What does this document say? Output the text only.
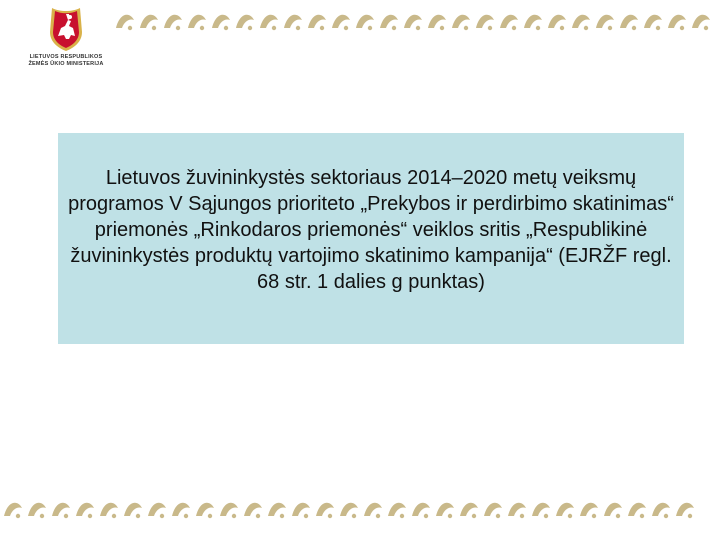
LIETUVOS RESPUBLIKOS
ŽEMĖS ŪKIO MINISTERIJA

Lietuvos žuvininkystės sektoriaus 2014–2020 metų veiksmų programos V Sąjungos prioriteto „Prekybos ir perdirbimo skatinimas“ priemonės „Rinkodaros priemonės“ veiklos sritis „Respublikinė žuvininkystės produktų vartojimo skatinimo kampanija“ (EJRŽF regl. 68 str. 1 dalies g punktas)
